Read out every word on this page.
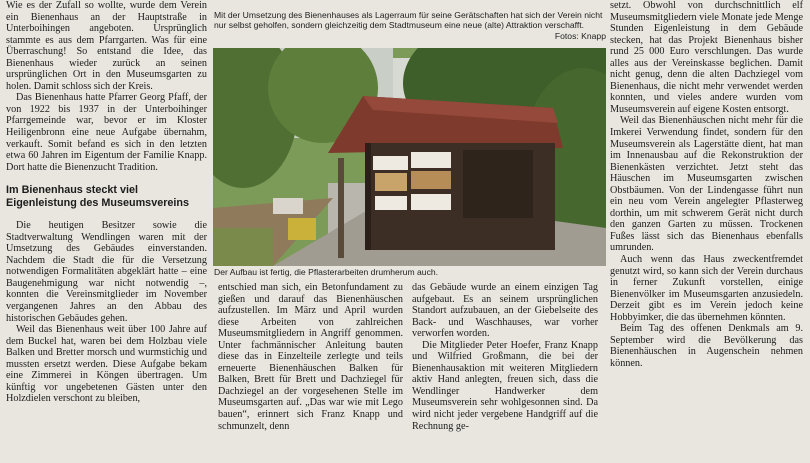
Wie es der Zufall so wollte, wurde dem Verein ein Bienenhaus an der Hauptstraße in Unterboihingen angeboten. Ursprünglich stammte es aus dem Pfarrgarten. Was für eine Überraschung! So entstand die Idee, das Bienenhaus wieder zurück an seinen ursprünglichen Ort in den Museumsgarten zu holen. Damit schloss sich der Kreis.

Das Bienenhaus hatte Pfarrer Georg Pfaff, der von 1922 bis 1937 in der Unterboihinger Pfarrgemeinde war, bevor er im Kloster Heiligenbronn eine neue Aufgabe übernahm, verkauft. Somit befand es sich in den letzten etwa 60 Jahren im Eigentum der Familie Knapp. Dort hatte die Bienenzucht Tradition.

Im Bienenhaus steckt viel Eigenleistung des Museumsvereins

Die heutigen Besitzer sowie die Stadtverwaltung Wendlingen waren mit der Umsetzung des Gebäudes einverstanden. Nachdem die Stadt die für die Versetzung notwendigen Formalitäten abgeklärt hatte – eine Baugenehmigung war nicht notwendig –, konnten die Vereinsmitglieder im November vergangenen Jahres an den Abbau des historischen Gebäudes gehen.

Weil das Bienenhaus weit über 100 Jahre auf dem Buckel hat, waren bei dem Holzbau viele Balken und Bretter morsch und wurmstichig und mussten ersetzt werden. Diese Aufgabe bekam eine Zimmerei in Köngen übertragen. Um künftig vor ungebetenen Gästen unter den Holzdielen verschont zu bleiben,

Mit der Umsetzung des Bienenhauses als Lagerraum für seine Gerätschaften hat sich der Verein nicht nur selbst geholfen, sondern gleichzeitig dem Stadtmuseum eine neue (alte) Attraktion verschafft.
Fotos: Knapp
Der Aufbau ist fertig, die Pflasterarbeiten drumherum auch.

entschied man sich, ein Betonfundament zu gießen und darauf das Bienenhäuschen aufzustellen. Im März und April wurden diese Arbeiten von zahlreichen Museumsmitgliedern in Angriff genommen. Unter fachmännischer Anleitung bauten diese das in Einzelteile zerlegte und teils erneuerte Bienenhäuschen Balken für Balken, Brett für Brett und Dachziegel für Dachziegel an der vorgesehenen Stelle im Museumsgarten auf. „Das war wie mit Lego bauen“, erinnert sich Franz Knapp und schmunzelt, denn

das Gebäude wurde an einem einzigen Tag aufgebaut. Es an seinem ursprünglichen Standort aufzubauen, an der Giebelseite des Back- und Waschhauses, war vorher verworfen worden.

Die Mitglieder Peter Hoefer, Franz Knapp und Wilfried Großmann, die bei der Bienenhausaktion mit weiteren Mitgliedern aktiv Hand anlegten, freuen sich, dass die Wendlinger Handwerker dem Museumsverein sehr wohlgesonnen sind. Da wird nicht jeder vergebene Handgriff auf die Rechnung ge-

setzt. Obwohl von durchschnittlich elf Museumsmitgliedern viele Monate jede Menge Stunden Eigenleistung in dem Gebäude stecken, hat das Projekt Bienenhaus bisher rund 25 000 Euro verschlungen. Das wurde alles aus der Vereinskasse beglichen. Damit nicht genug, denn die alten Dachziegel vom Bienenhaus, die nicht mehr verwendet werden konnten, und vieles andere wurden vom Museumsverein auf eigene Kosten entsorgt.

Weil das Bienenhäuschen nicht mehr für die Imkerei Verwendung findet, sondern für den Museumsverein als Lagerstätte dient, hat man im Innenausbau auf die Rekonstruktion der Bienenkästen verzichtet. Jetzt steht das Häuschen im Museumsgarten zwischen Obstbäumen. Von der Lindengasse führt nun ein neu vom Verein angelegter Pflasterweg dorthin, um mit schwerem Gerät nicht durch den ganzen Garten zu müssen. Trockenen Fußes lässt sich das Bienenhaus ebenfalls umrunden.

Auch wenn das Haus zweckentfremdet genutzt wird, so kann sich der Verein durchaus in ferner Zukunft vorstellen, einige Bienenvölker im Museumsgarten anzusiedeln. Derzeit gibt es im Verein jedoch keine Hobbyimker, die das übernehmen könnten.

Beim Tag des offenen Denkmals am 9. September wird die Bevölkerung das Bienenhäuschen in Augenschein nehmen können.
